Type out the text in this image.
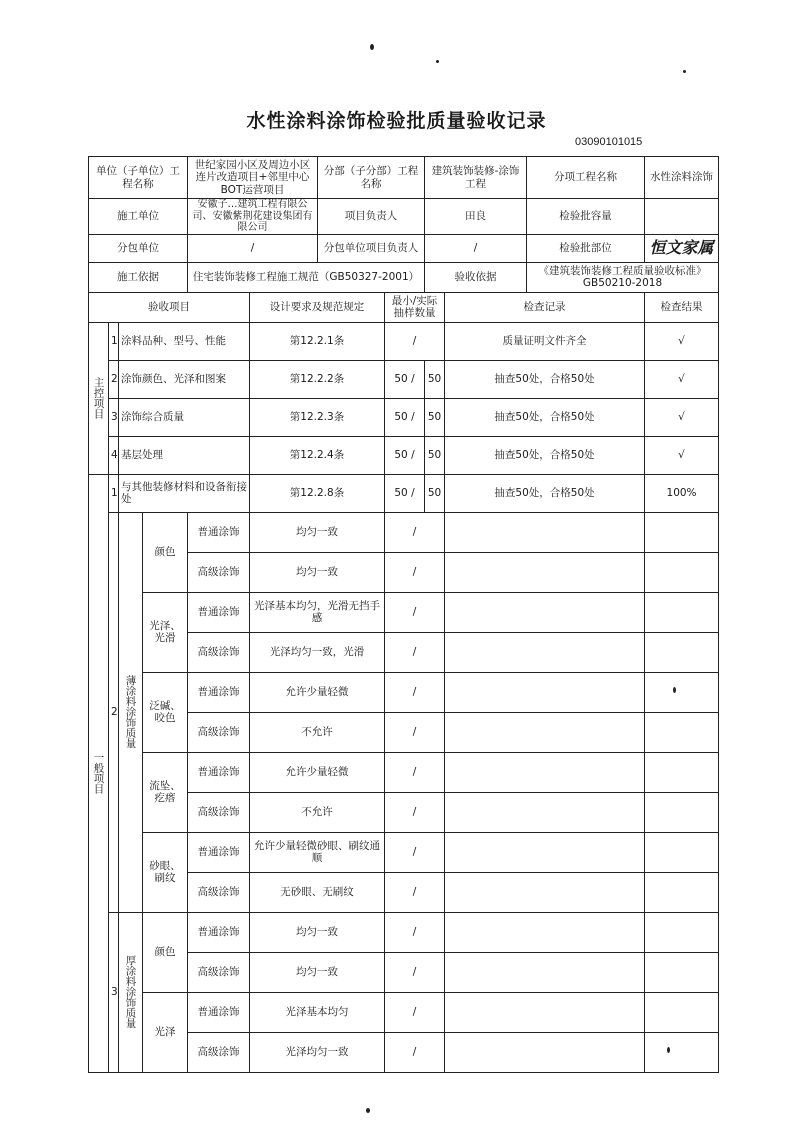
水性涂料涂饰检验批质量验收记录
03090101015
单位（子单位）工程名称				世纪家园小区及周边小区连片改造项目+邻里中心BOT运营项目		分部（子分部）工程名称		建筑装饰装修-涂饰工程		分项工程名称	水性涂料涂饰
施工单位				安徽子…建筑工程有限公司、安徽紫荆花建设集团有限公司		项目负责人		田良		检验批容量	
分包单位				/		分包单位项目负责人		/		检验批部位	恒文家属
施工依据				住宅装饰装修工程施工规范（GB50327-2001）				验收依据		《建筑装饰装修工程质量验收标准》GB50210-2018	
验收项目					设计要求及规范规定		最小/实际抽样数量		检查记录		检查结果

主控项目	1	涂料品种、型号、性能			第12.2.1条		/		质量证明文件齐全		√
	2	涂饰颜色、光泽和图案			第12.2.2条		50 /	50	抽查50处，合格50处		√
	3	涂饰综合质量			第12.2.3条		50 /	50	抽查50处，合格50处		√
	4	基层处理			第12.2.4条		50 /	50	抽查50处，合格50处		√

一般项目	1	与其他装修材料和设备衔接处			第12.2.8条		50 /	50	抽查50处，合格50处		100%
	2	薄涂料涂饰质量	颜色	普通涂饰	均匀一致		/				
				高级涂饰	均匀一致		/				
			光泽、光滑	普通涂饰	光泽基本均匀，光滑无挡手感		/				
				高级涂饰	光泽均匀一致，光滑		/				
			泛碱、咬色	普通涂饰	允许少量轻微		/				
				高级涂饰	不允许		/				
			流坠、疙瘩	普通涂饰	允许少量轻微		/				
				高级涂饰	不允许		/				
			砂眼、刷纹	普通涂饰	允许少量轻微砂眼、刷纹通顺		/				
				高级涂饰	无砂眼、无刷纹		/				
	3	厚涂料涂饰质量	颜色	普通涂饰	均匀一致		/				
				高级涂饰	均匀一致		/				
			光泽	普通涂饰	光泽基本均匀		/				
				高级涂饰	光泽均匀一致		/				
